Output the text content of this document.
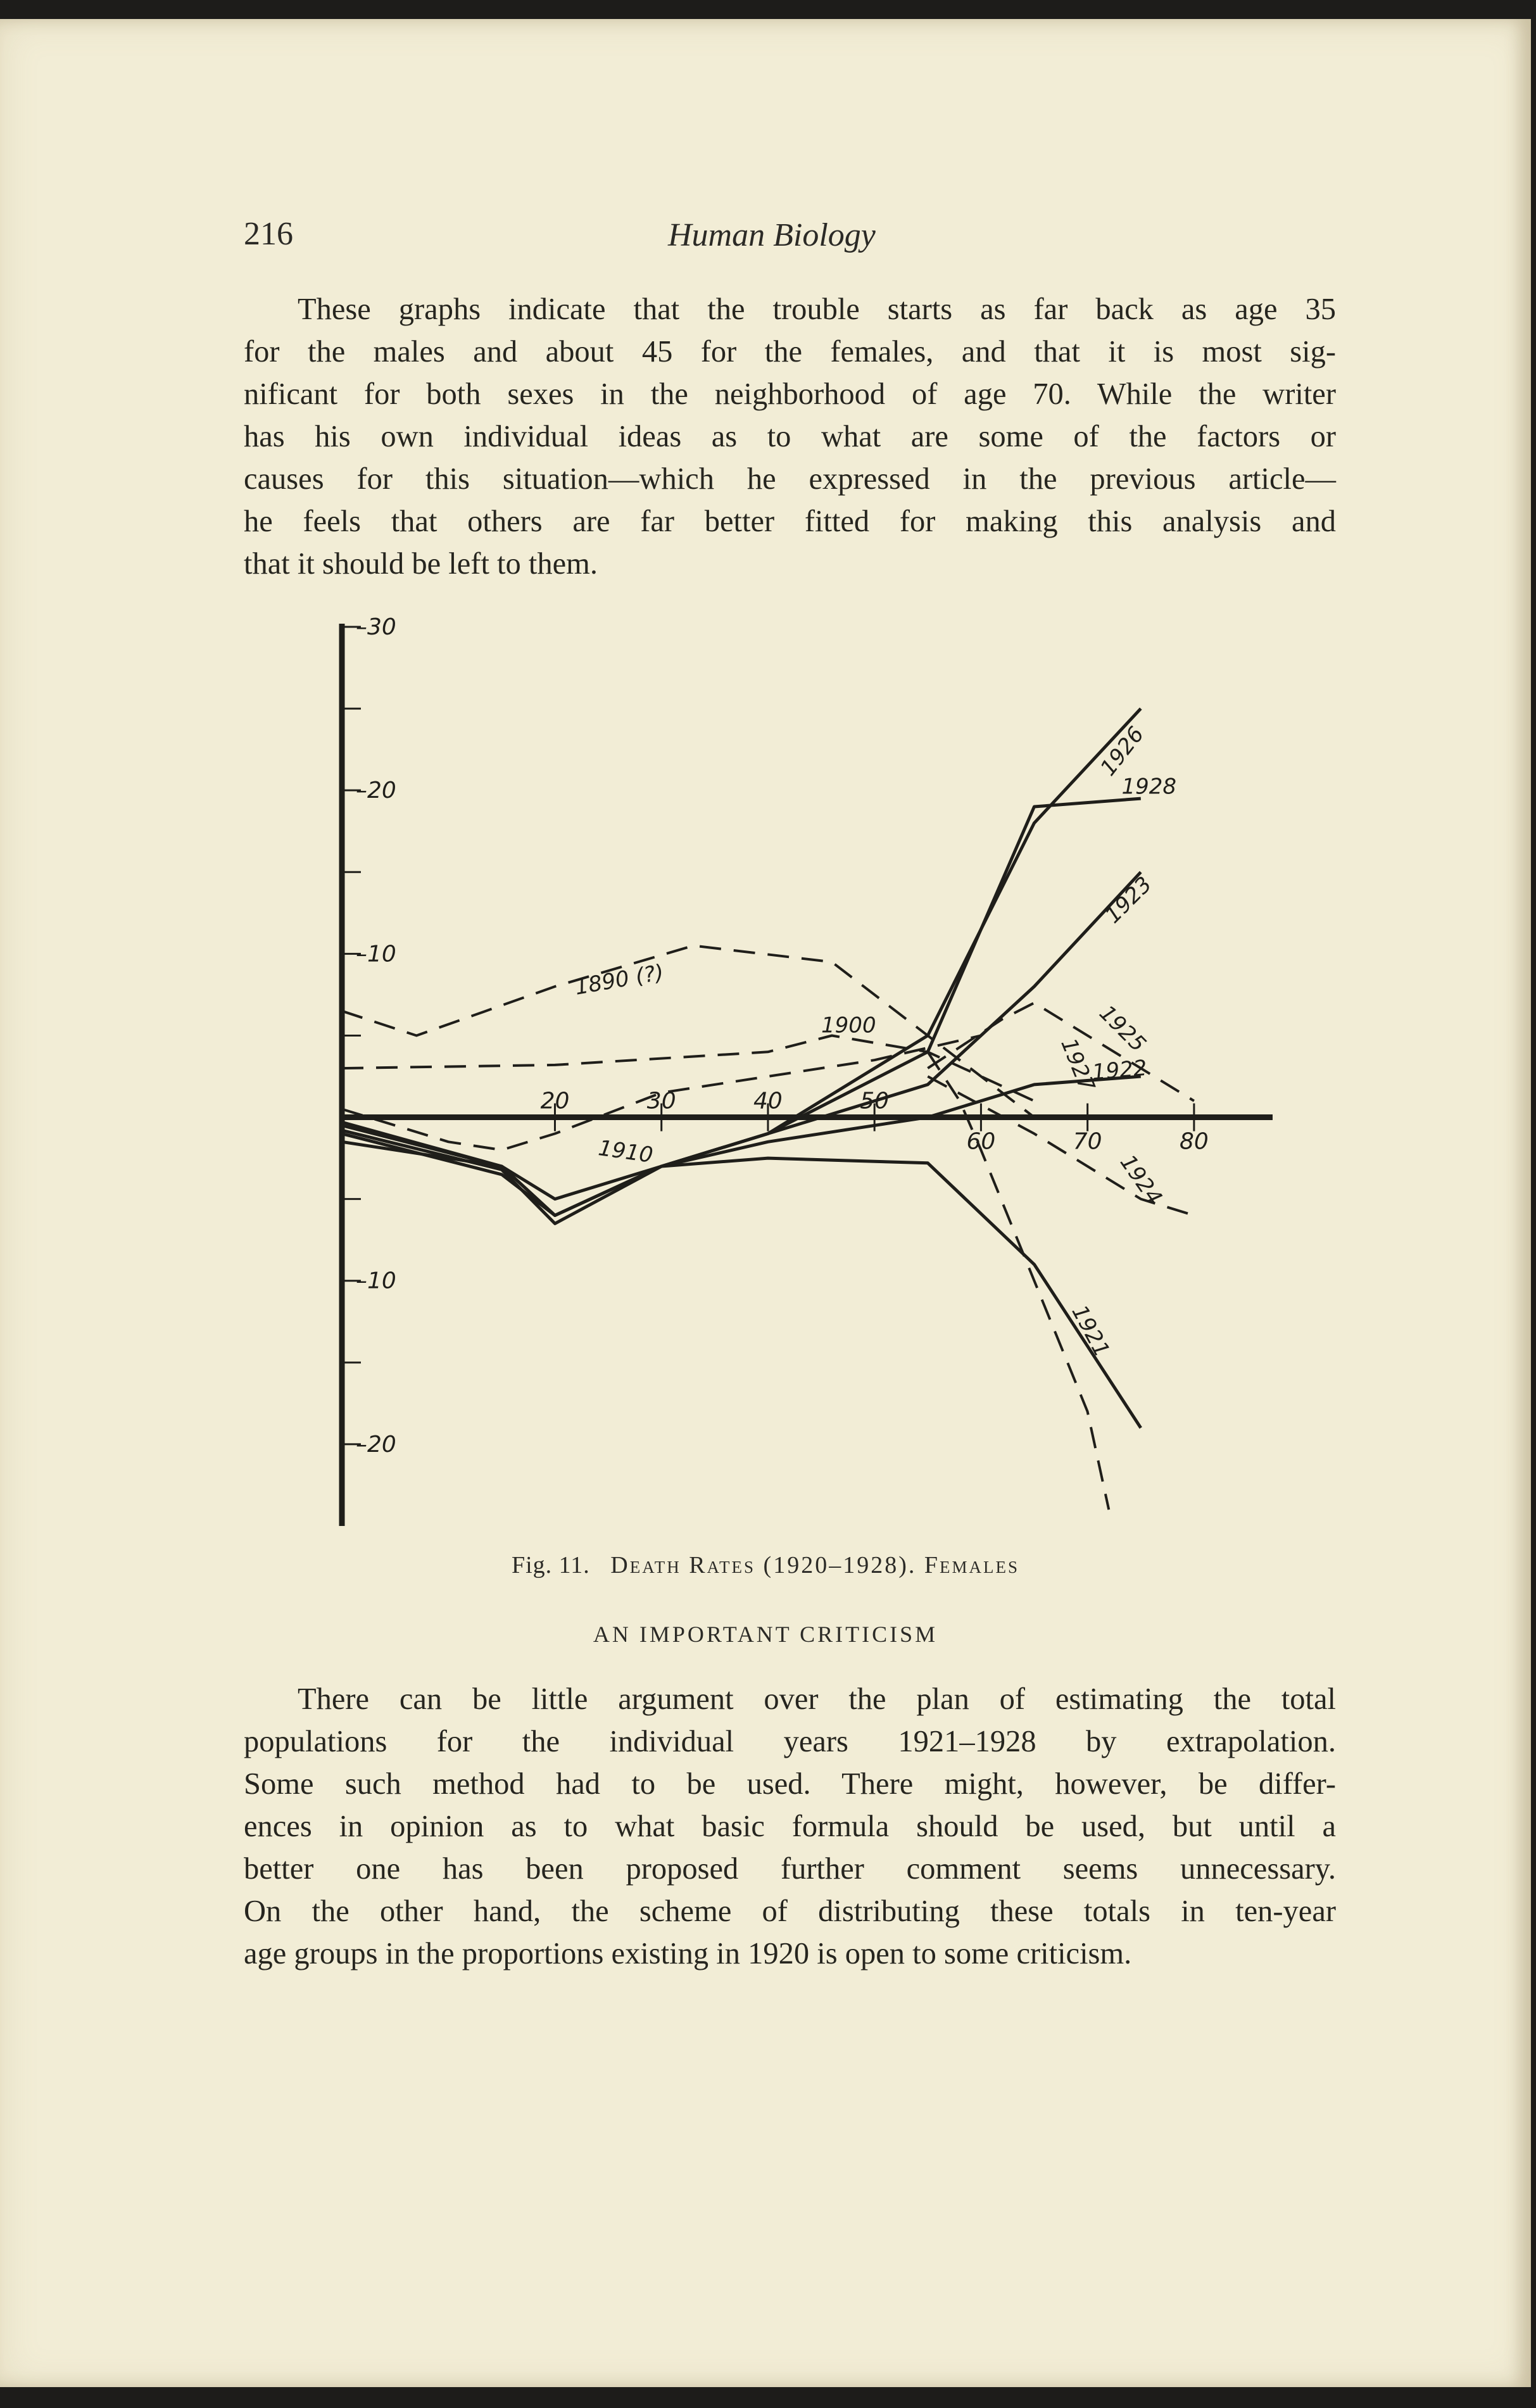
216	Human Biology

These graphs indicate that the trouble starts as far back as age 35
for the males and about 45 for the females, and that it is most sig-
nificant for both sexes in the neighborhood of age 70. While the writer
has his own individual ideas as to what are some of the factors or
causes for this situation—which he expressed in the previous article—
he feels that others are far better fitted for making this analysis and
that it should be left to them.

–30
–20
–10
–10
–20
20	30	40	50
60	70	80
1890 (?)
1900
1910
1921
1922
1923
1924
1925
1926
1927
1928
Fig. 11. Death Rates (1920–1928). Females
AN IMPORTANT CRITICISM

There can be little argument over the plan of estimating the total
populations for the individual years 1921–1928 by extrapolation.
Some such method had to be used. There might, however, be differ-
ences in opinion as to what basic formula should be used, but until a
better one has been proposed further comment seems unnecessary.
On the other hand, the scheme of distributing these totals in ten-year
age groups in the proportions existing in 1920 is open to some criticism.
